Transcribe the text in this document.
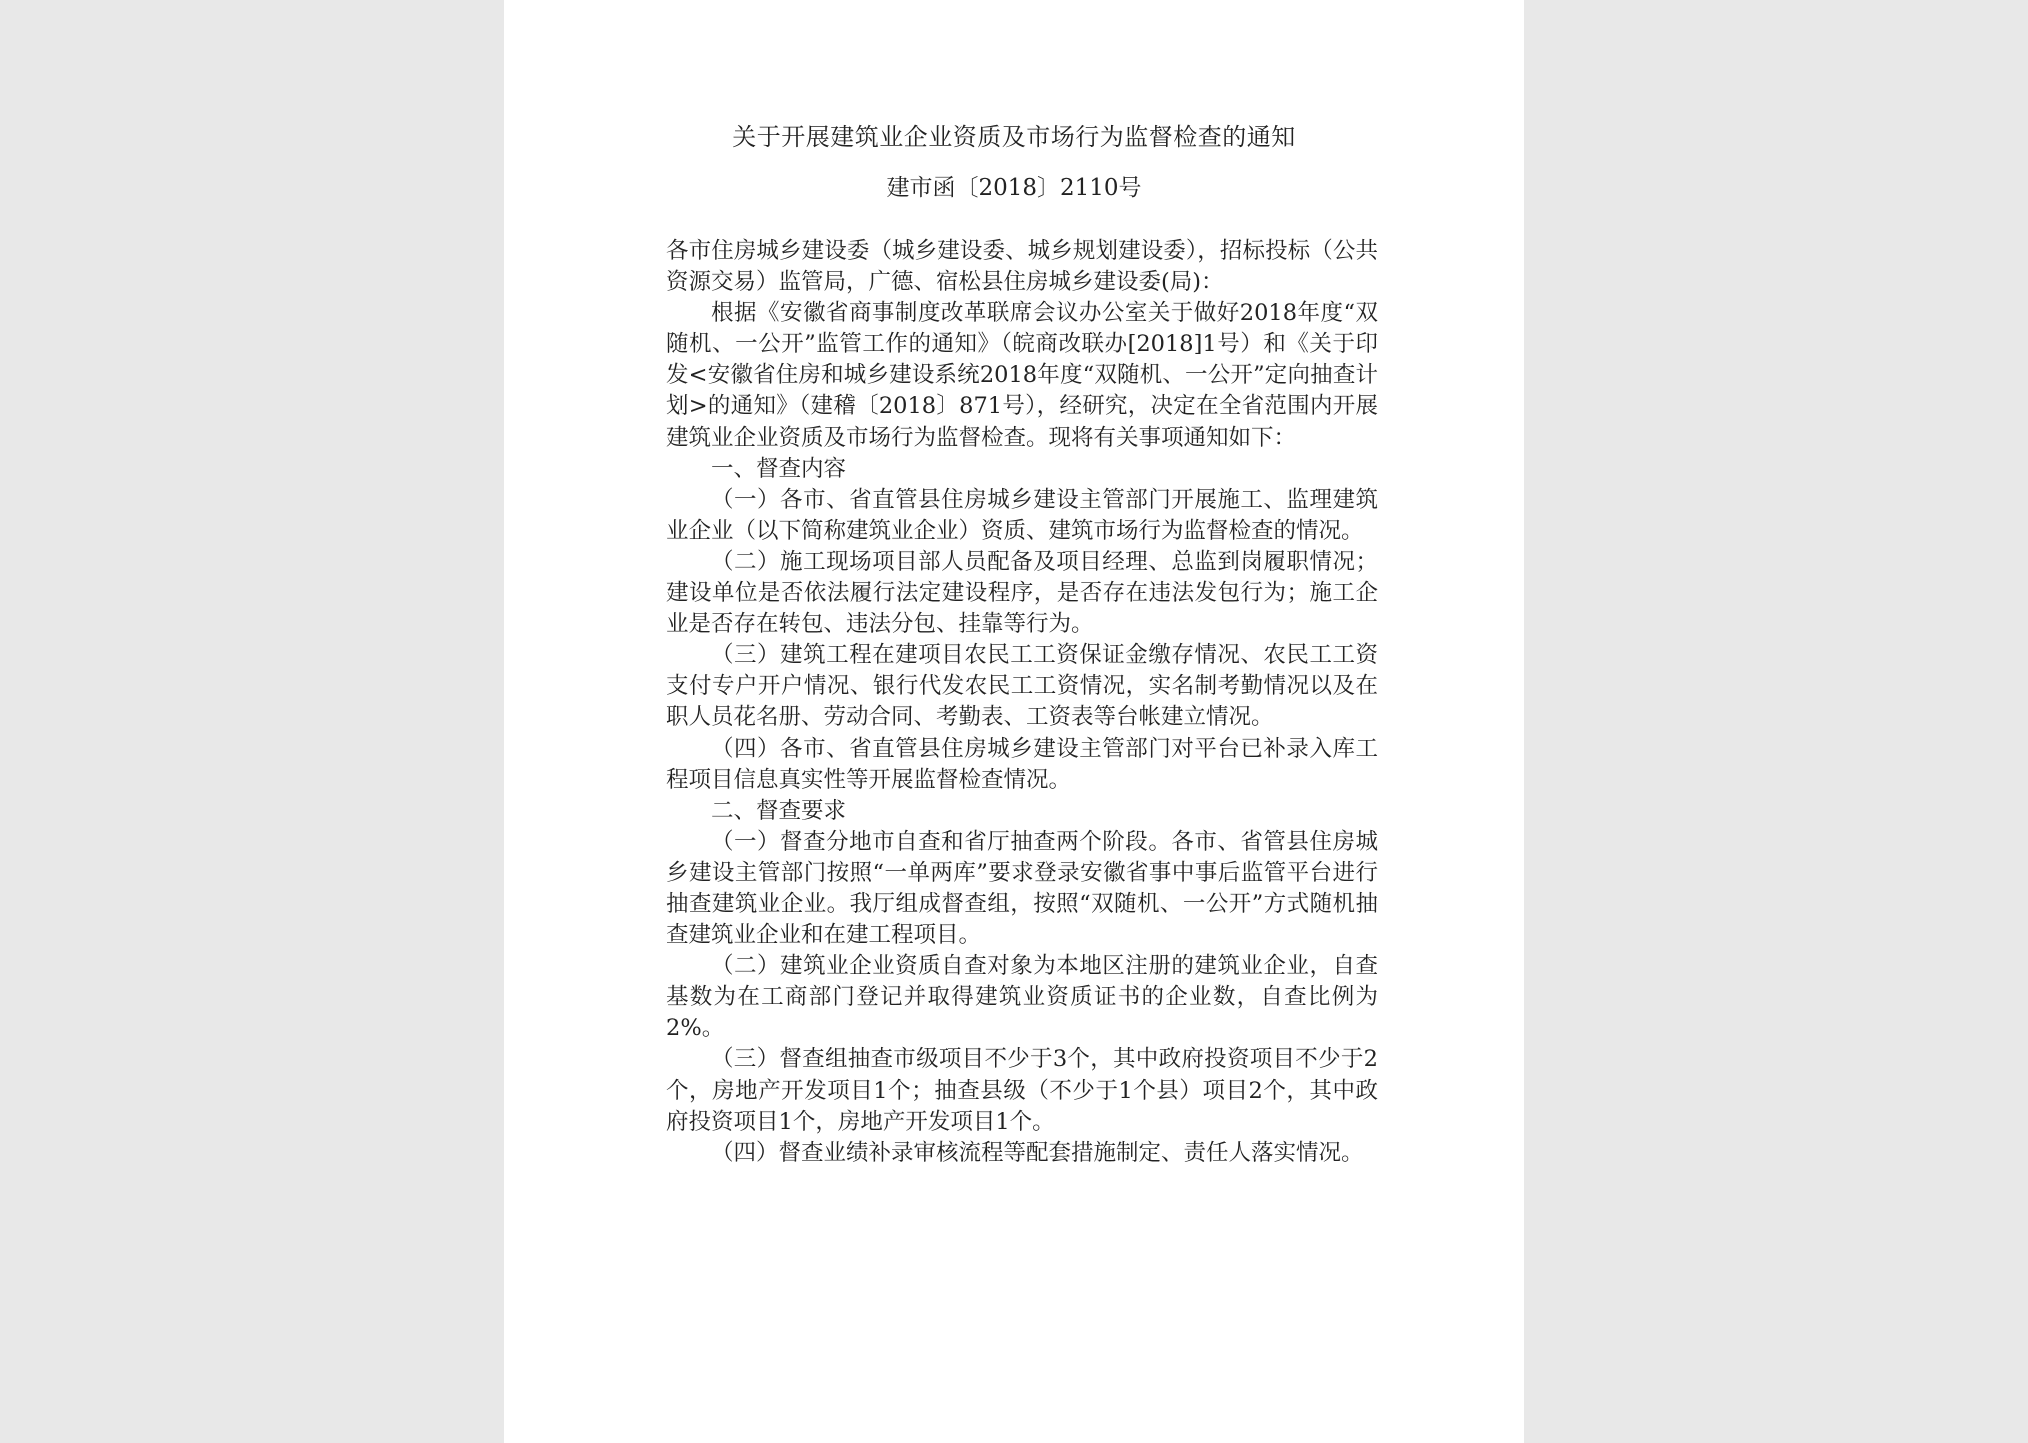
关于开展建筑业企业资质及市场行为监督检查的通知
建市函〔2018〕2110号

各市住房城乡建设委（城乡建设委、城乡规划建设委），招标投标（公共资源交易）监管局，广德、宿松县住房城乡建设委(局)：

根据《安徽省商事制度改革联席会议办公室关于做好2018年度“双随机、一公开”监管工作的通知》（皖商改联办[2018]1号）和《关于印发<安徽省住房和城乡建设系统2018年度“双随机、一公开”定向抽查计划>的通知》（建稽〔2018〕871号），经研究，决定在全省范围内开展建筑业企业资质及市场行为监督检查。现将有关事项通知如下：

一、督查内容

（一）各市、省直管县住房城乡建设主管部门开展施工、监理建筑业企业（以下简称建筑业企业）资质、建筑市场行为监督检查的情况。

（二）施工现场项目部人员配备及项目经理、总监到岗履职情况；建设单位是否依法履行法定建设程序，是否存在违法发包行为；施工企业是否存在转包、违法分包、挂靠等行为。

（三）建筑工程在建项目农民工工资保证金缴存情况、农民工工资支付专户开户情况、银行代发农民工工资情况，实名制考勤情况以及在职人员花名册、劳动合同、考勤表、工资表等台帐建立情况。

（四）各市、省直管县住房城乡建设主管部门对平台已补录入库工程项目信息真实性等开展监督检查情况。

二、督查要求

（一）督查分地市自查和省厅抽查两个阶段。各市、省管县住房城乡建设主管部门按照“一单两库”要求登录安徽省事中事后监管平台进行抽查建筑业企业。我厅组成督查组，按照“双随机、一公开”方式随机抽查建筑业企业和在建工程项目。

（二）建筑业企业资质自查对象为本地区注册的建筑业企业，自查基数为在工商部门登记并取得建筑业资质证书的企业数，自查比例为2%。

（三）督查组抽查市级项目不少于3个，其中政府投资项目不少于2个，房地产开发项目1个；抽查县级（不少于1个县）项目2个，其中政府投资项目1个，房地产开发项目1个。

（四）督查业绩补录审核流程等配套措施制定、责任人落实情况。
